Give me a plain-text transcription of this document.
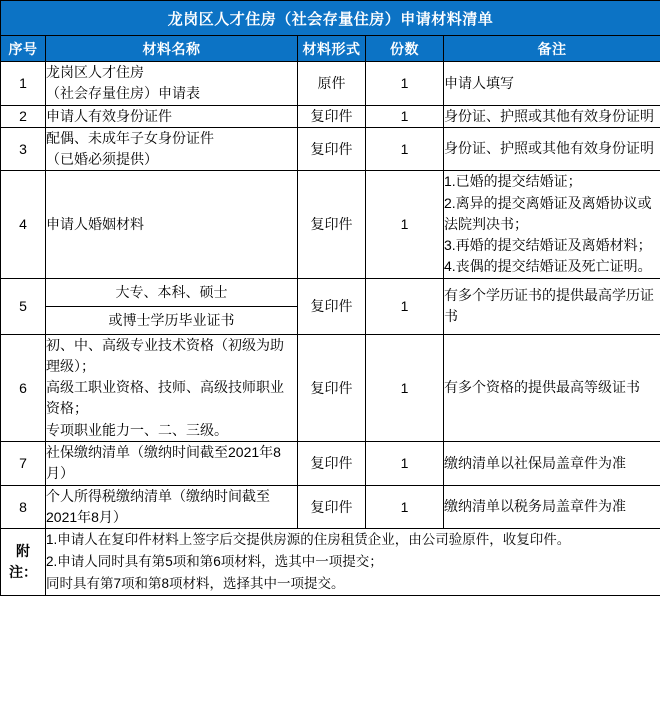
龙岗区人才住房（社会存量住房）申请材料清单				
序号	材料名称	材料形式	份数	备注
1	龙岗区人才住房
（社会存量住房）申请表	原件	1	申请人填写
2	申请人有效身份证件	复印件	1	身份证、护照或其他有效身份证明
3	配偶、未成年子女身份证件
（已婚必须提供）	复印件	1	身份证、护照或其他有效身份证明
4	申请人婚姻材料	复印件	1	1.已婚的提交结婚证；
2.离异的提交离婚证及离婚协议或法院判决书；
3.再婚的提交结婚证及离婚材料；
4.丧偶的提交结婚证及死亡证明。
5	大专、本科、硕士
或博士学历毕业证书	复印件	1	有多个学历证书的提供最高学历证书
6	初、中、高级专业技术资格（初级为助理级）；
高级工职业资格、技师、高级技师职业资格；
专项职业能力一、二、三级。	复印件	1	有多个资格的提供最高等级证书
7	社保缴纳清单（缴纳时间截至2021年8月）	复印件	1	缴纳清单以社保局盖章件为准
8	个人所得税缴纳清单（缴纳时间截至2021年8月）	复印件	1	缴纳清单以税务局盖章件为准
附
注：	1.申请人在复印件材料上签字后交提供房源的住房租赁企业，由公司验原件，收复印件。
2.申请人同时具有第5项和第6项材料，选其中一项提交；
同时具有第7项和第8项材料，选择其中一项提交。			
